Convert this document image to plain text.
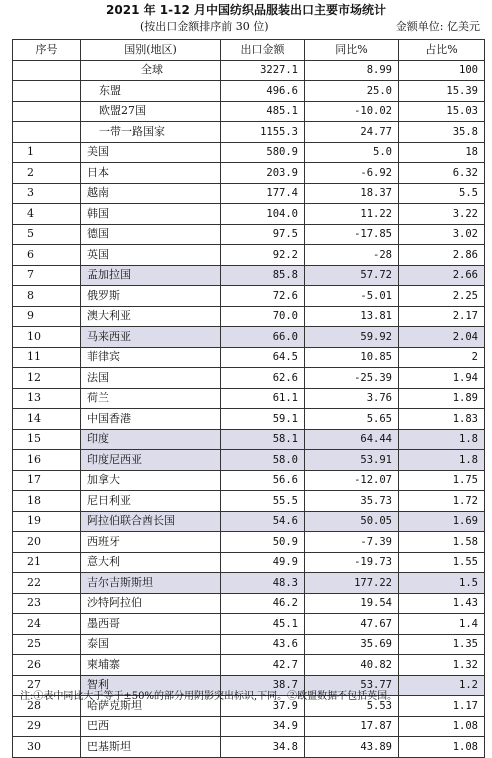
2021 年 1-12 月中国纺织品服装出口主要市场统计
(按出口金额排序前 30 位)	金额单位: 亿美元
序号	国别(地区)	出口金额	同比%	占比%
	全球	3227.1	8.99	100
	东盟	496.6	25.0	15.39
	欧盟27国	485.1	-10.02	15.03
	一带一路国家	1155.3	24.77	35.8
1	美国	580.9	5.0	18
2	日本	203.9	-6.92	6.32
3	越南	177.4	18.37	5.5
4	韩国	104.0	11.22	3.22
5	德国	97.5	-17.85	3.02
6	英国	92.2	-28	2.86
7	孟加拉国	85.8	57.72	2.66
8	俄罗斯	72.6	-5.01	2.25
9	澳大利亚	70.0	13.81	2.17
10	马来西亚	66.0	59.92	2.04
11	菲律宾	64.5	10.85	2
12	法国	62.6	-25.39	1.94
13	荷兰	61.1	3.76	1.89
14	中国香港	59.1	5.65	1.83
15	印度	58.1	64.44	1.8
16	印度尼西亚	58.0	53.91	1.8
17	加拿大	56.6	-12.07	1.75
18	尼日利亚	55.5	35.73	1.72
19	阿拉伯联合酋长国	54.6	50.05	1.69
20	西班牙	50.9	-7.39	1.58
21	意大利	49.9	-19.73	1.55
22	吉尔吉斯斯坦	48.3	177.22	1.5
23	沙特阿拉伯	46.2	19.54	1.43
24	墨西哥	45.1	47.67	1.4
25	泰国	43.6	35.69	1.35
26	柬埔寨	42.7	40.82	1.32
27	智利	38.7	53.77	1.2
28	哈萨克斯坦	37.9	5.53	1.17
29	巴西	34.9	17.87	1.08
30	巴基斯坦	34.8	43.89	1.08
注:①表中同比大于等于±50%的部分用阴影突出标识,下同。②欧盟数据不包括英国。
